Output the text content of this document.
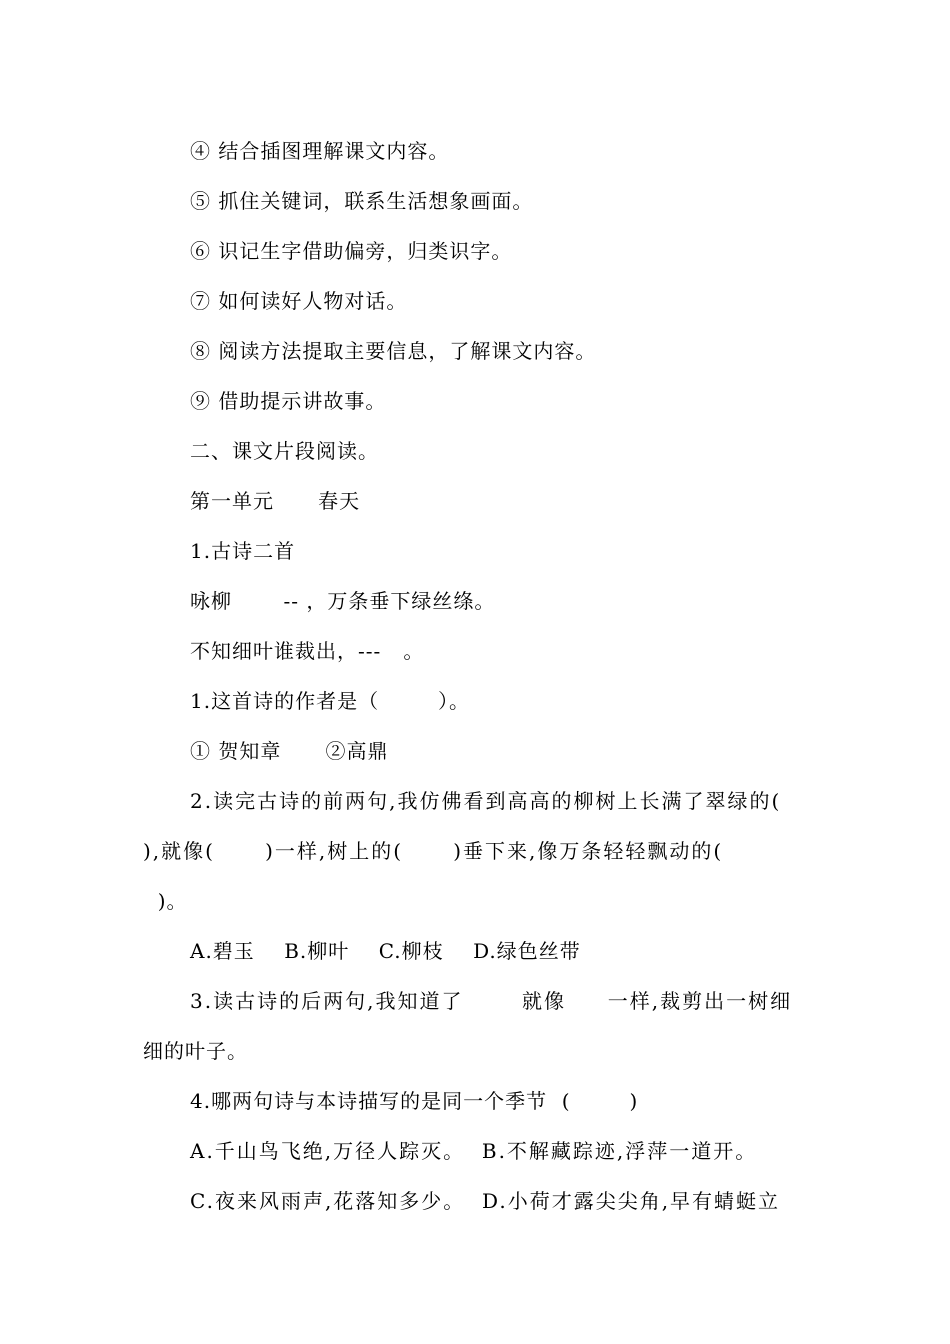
④ 结合插图理解课文内容。
⑤ 抓住关键词，联系生活想象画面。
⑥ 识记生字借助偏旁，归类识字。
⑦ 如何读好人物对话。
⑧ 阅读方法提取主要信息，了解课文内容。
⑨ 借助提示讲故事。
二、课文片段阅读。
第一单元      春天
1.古诗二首
咏柳       -- ，万条垂下绿丝绦。
不知细叶谁裁出，---   。
1.这首诗的作者是（        ）。
① 贺知章      ②高鼎
2.读完古诗的前两句,我仿佛看到高高的柳树上长满了翠绿的(
),就像(      )一样,树上的(      )垂下来,像万条轻轻飘动的(
)。
A.碧玉    B.柳叶    C.柳枝    D.绿色丝带
3.读古诗的后两句,我知道了       就像     一样,裁剪出一树细
细的叶子。
4.哪两句诗与本诗描写的是同一个季节  (        )
A.千山鸟飞绝,万径人踪灭。  B.不解藏踪迹,浮萍一道开。
C.夜来风雨声,花落知多少。  D.小荷才露尖尖角,早有蜻蜓立
